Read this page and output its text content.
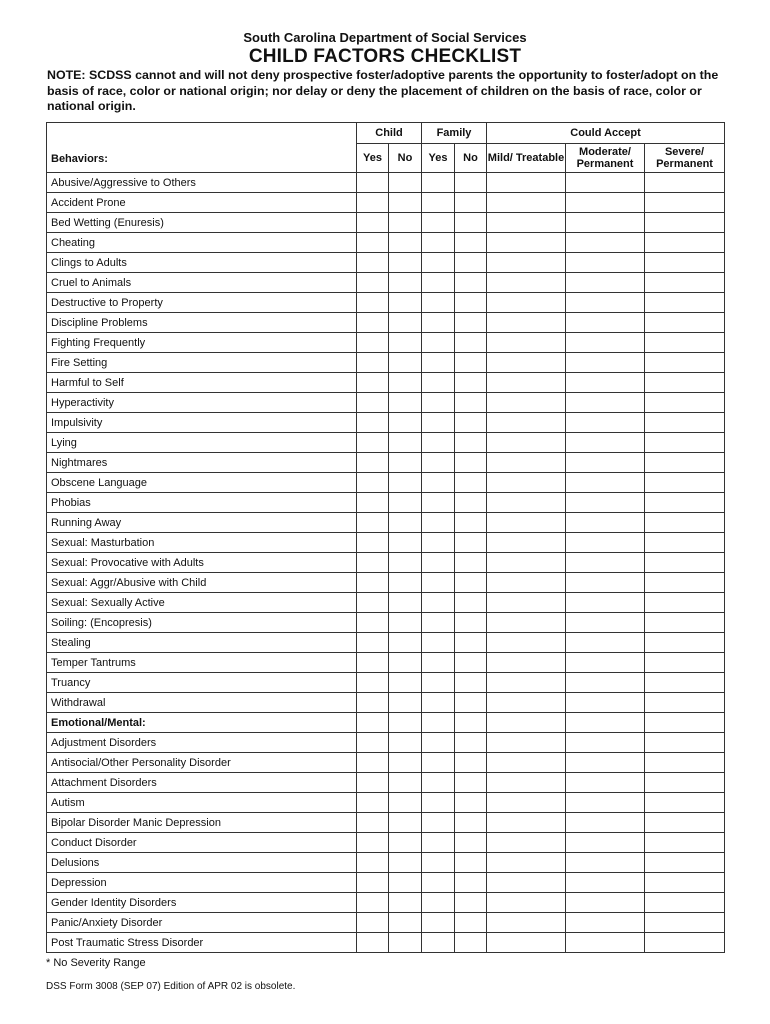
South Carolina Department of Social Services
CHILD FACTORS CHECKLIST
NOTE: SCDSS cannot and will not deny prospective foster/adoptive parents the opportunity to foster/adopt on the basis of race, color or national origin; nor delay or deny the placement of children on the basis of race, color or national origin.
Behaviors:	Child		Family		Could Accept		
	Yes	No	Yes	No	Mild/ Treatable	Moderate/ Permanent	Severe/ Permanent
Abusive/Aggressive to Others							
Accident Prone							
Bed Wetting (Enuresis)							
Cheating							
Clings to Adults							
Cruel to Animals							
Destructive to Property							
Discipline Problems							
Fighting Frequently							
Fire Setting							
Harmful to Self							
Hyperactivity							
Impulsivity							
Lying							
Nightmares							
Obscene Language							
Phobias							
Running Away							
Sexual: Masturbation							
Sexual: Provocative with Adults							
Sexual: Aggr/Abusive with Child							
Sexual: Sexually Active							
Soiling: (Encopresis)							
Stealing							
Temper Tantrums							
Truancy							
Withdrawal							
Emotional/Mental:							
Adjustment Disorders							
Antisocial/Other Personality Disorder							
Attachment Disorders							
Autism							
Bipolar Disorder Manic Depression							
Conduct Disorder							
Delusions							
Depression							
Gender Identity Disorders							
Panic/Anxiety Disorder							
Post Traumatic Stress Disorder							
* No Severity Range
DSS Form 3008 (SEP 07) Edition of APR 02 is obsolete.
